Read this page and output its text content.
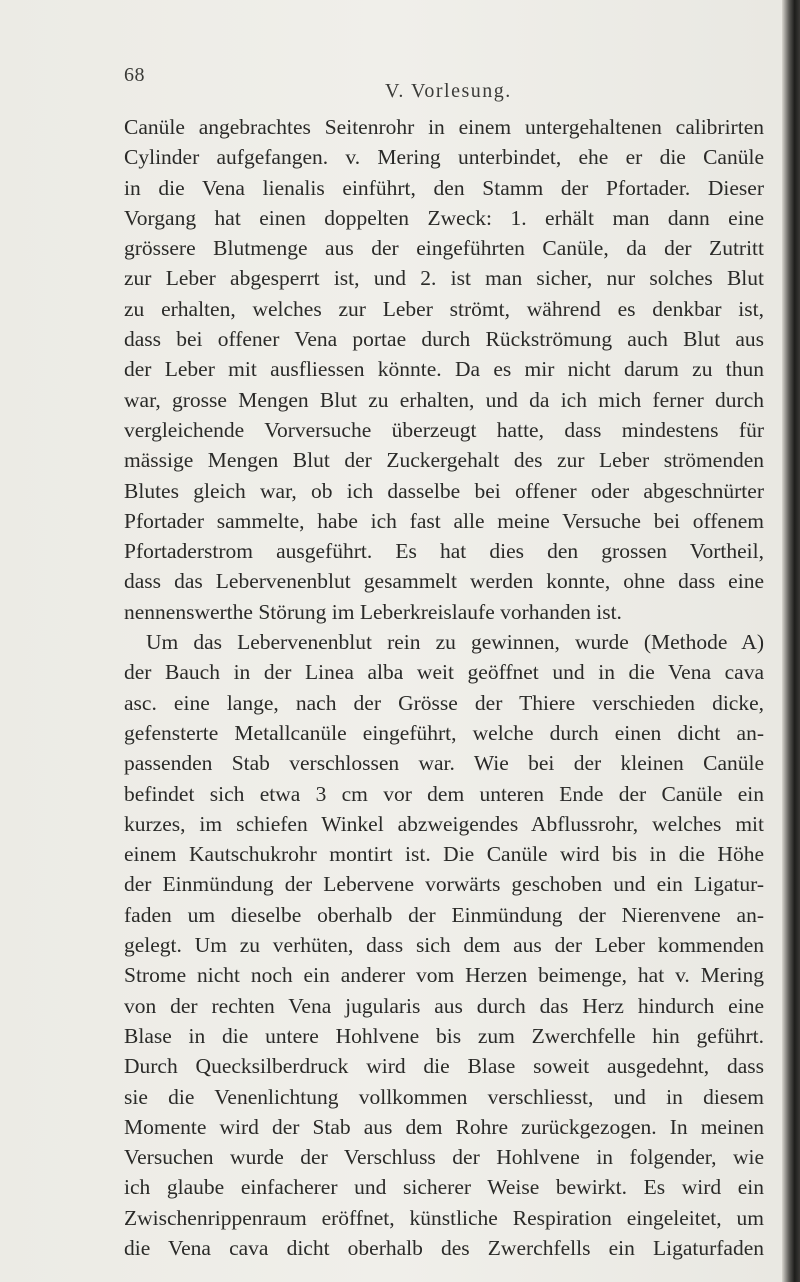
68
V. Vorlesung.
Canüle angebrachtes Seitenrohr in einem untergehaltenen calibrirten
Cylinder aufgefangen. v. Mering unterbindet, ehe er die Canüle
in die Vena lienalis einführt, den Stamm der Pfortader. Dieser
Vorgang hat einen doppelten Zweck: 1. erhält man dann eine
grössere Blutmenge aus der eingeführten Canüle, da der Zutritt
zur Leber abgesperrt ist, und 2. ist man sicher, nur solches Blut
zu erhalten, welches zur Leber strömt, während es denkbar ist,
dass bei offener Vena portae durch Rückströmung auch Blut aus
der Leber mit ausfliessen könnte. Da es mir nicht darum zu thun
war, grosse Mengen Blut zu erhalten, und da ich mich ferner durch
vergleichende Vorversuche überzeugt hatte, dass mindestens für
mässige Mengen Blut der Zuckergehalt des zur Leber strömenden
Blutes gleich war, ob ich dasselbe bei offener oder abgeschnürter
Pfortader sammelte, habe ich fast alle meine Versuche bei offenem
Pfortaderstrom ausgeführt. Es hat dies den grossen Vortheil,
dass das Lebervenenblut gesammelt werden konnte, ohne dass eine
nennenswerthe Störung im Leberkreislaufe vorhanden ist.
Um das Lebervenenblut rein zu gewinnen, wurde (Methode A)
der Bauch in der Linea alba weit geöffnet und in die Vena cava
asc. eine lange, nach der Grösse der Thiere verschieden dicke,
gefensterte Metallcanüle eingeführt, welche durch einen dicht an-
passenden Stab verschlossen war. Wie bei der kleinen Canüle
befindet sich etwa 3 cm vor dem unteren Ende der Canüle ein
kurzes, im schiefen Winkel abzweigendes Abflussrohr, welches mit
einem Kautschukrohr montirt ist. Die Canüle wird bis in die Höhe
der Einmündung der Lebervene vorwärts geschoben und ein Ligatur-
faden um dieselbe oberhalb der Einmündung der Nierenvene an-
gelegt. Um zu verhüten, dass sich dem aus der Leber kommenden
Strome nicht noch ein anderer vom Herzen beimenge, hat v. Mering
von der rechten Vena jugularis aus durch das Herz hindurch eine
Blase in die untere Hohlvene bis zum Zwerchfelle hin geführt.
Durch Quecksilberdruck wird die Blase soweit ausgedehnt, dass
sie die Venenlichtung vollkommen verschliesst, und in diesem
Momente wird der Stab aus dem Rohre zurückgezogen. In meinen
Versuchen wurde der Verschluss der Hohlvene in folgender, wie
ich glaube einfacherer und sicherer Weise bewirkt. Es wird ein
Zwischenrippenraum eröffnet, künstliche Respiration eingeleitet, um
die Vena cava dicht oberhalb des Zwerchfells ein Ligaturfaden
